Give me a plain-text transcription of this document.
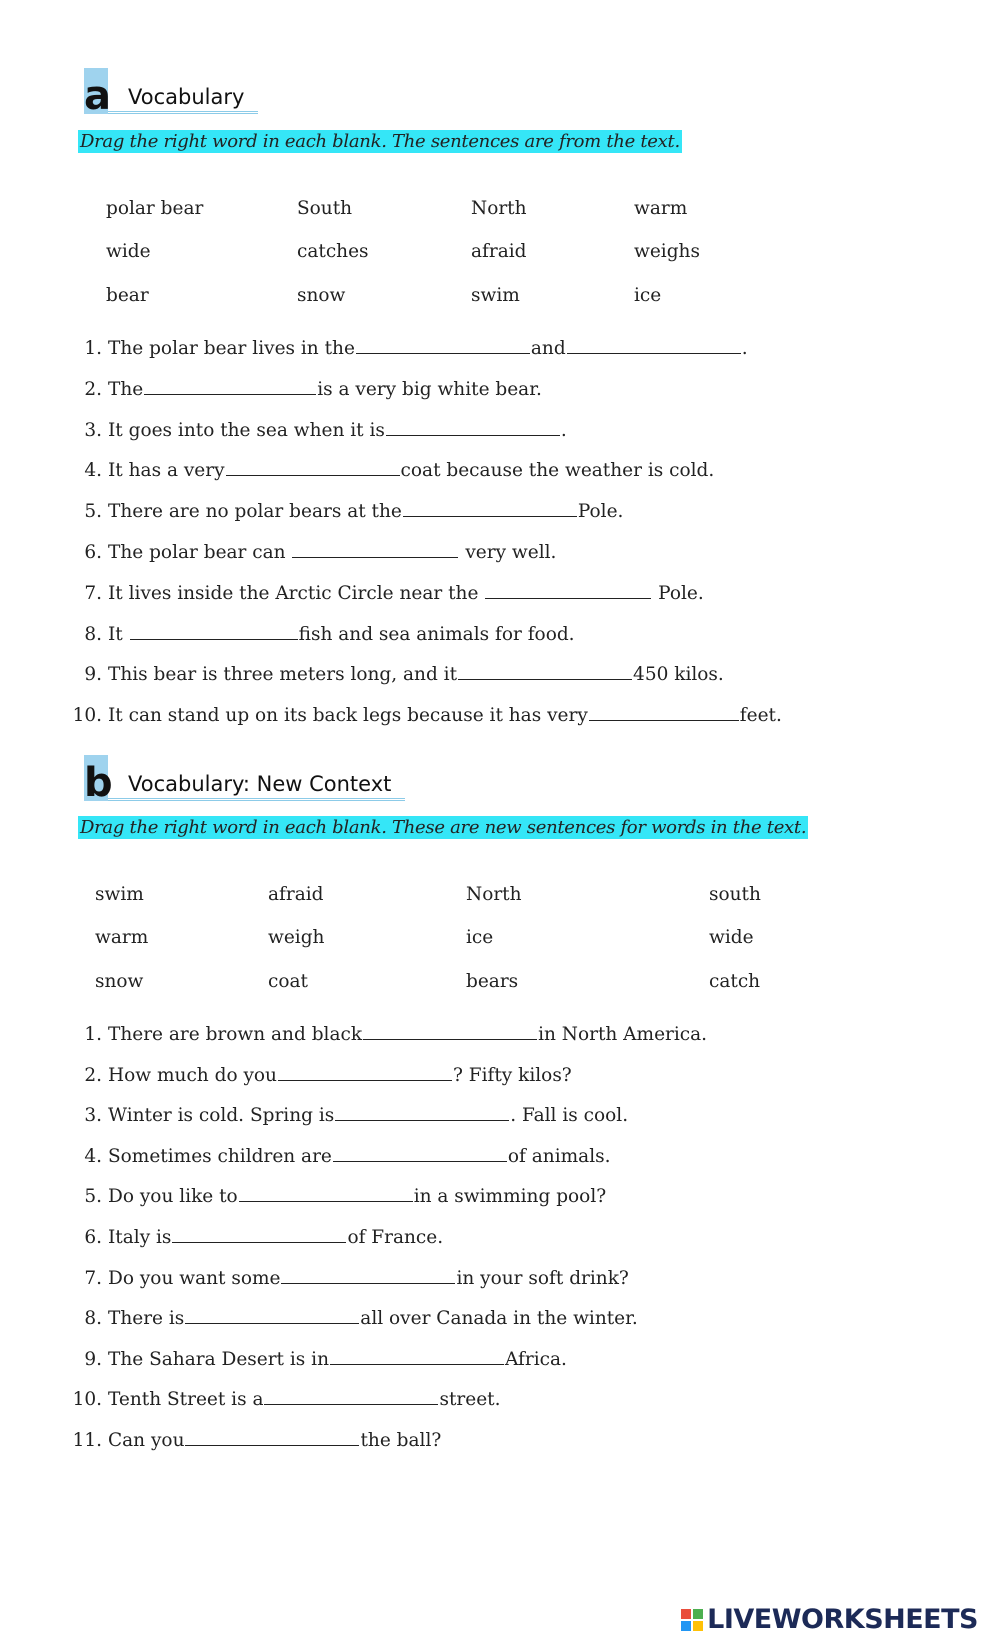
a Vocabulary
Drag the right word in each blank. The sentences are from the text.
polar bear	South	North	warm
wide	catches	afraid	weighs
bear	snow	swim	ice
1. The polar bear lives in the	and	.
2. The	is a very big white bear.
3. It goes into the sea when it is	.
4. It has a very	coat because the weather is cold.
5. There are no polar bears at the	Pole.
6. The polar bear can	very well.
7. It lives inside the Arctic Circle near the	Pole.
8. It	fish and sea animals for food.
9. This bear is three meters long, and it	450 kilos.
10. It can stand up on its back legs because it has very	feet.
b Vocabulary: New Context
Drag the right word in each blank. These are new sentences for words in the text.
swim	afraid	North	south
warm	weigh	ice	wide
snow	coat	bears	catch
1. There are brown and black	in North America.
2. How much do you	? Fifty kilos?
3. Winter is cold. Spring is	. Fall is cool.
4. Sometimes children are	of animals.
5. Do you like to	in a swimming pool?
6. Italy is	of France.
7. Do you want some	in your soft drink?
8. There is	all over Canada in the winter.
9. The Sahara Desert is in	Africa.
10. Tenth Street is a	street.
11. Can you	the ball?
LIVEWORKSHEETS
